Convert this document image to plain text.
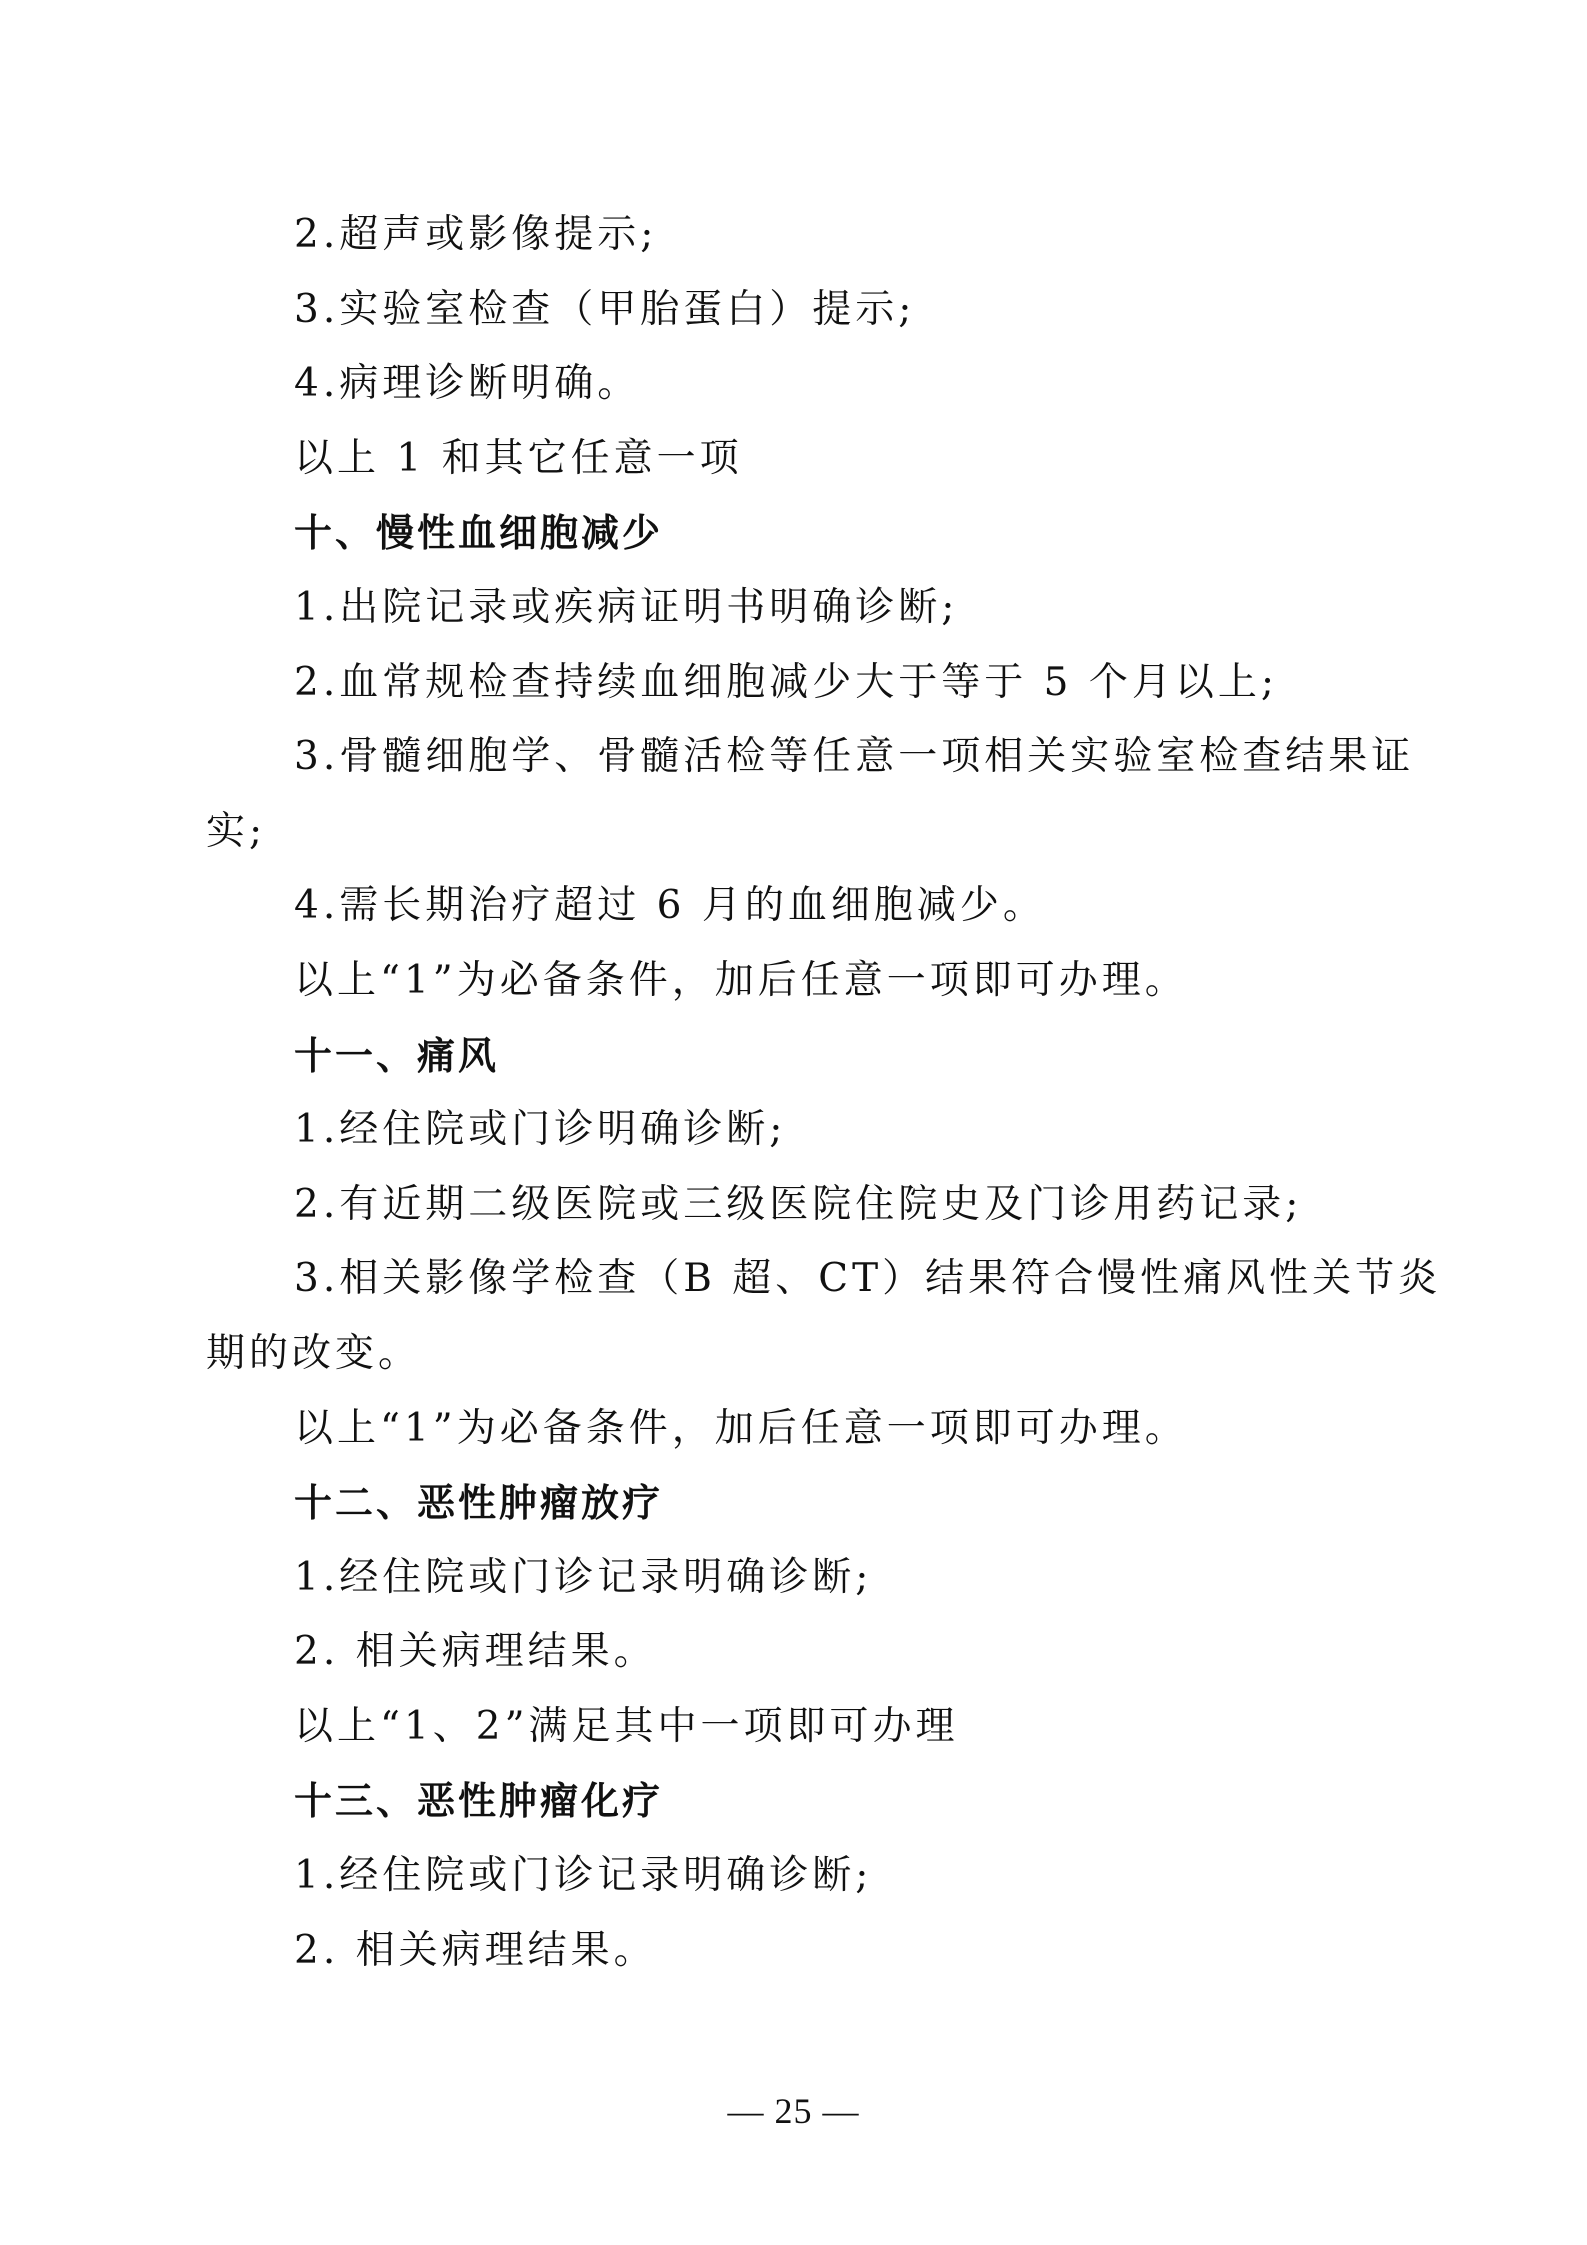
2.超声或影像提示;
3.实验室检查（甲胎蛋白）提示;
4.病理诊断明确。
以上 1 和其它任意一项
十、慢性血细胞减少
1.出院记录或疾病证明书明确诊断;
2.血常规检查持续血细胞减少大于等于 5 个月以上;
3.骨髓细胞学、骨髓活检等任意一项相关实验室检查结果证
实;
4.需长期治疗超过 6 月的血细胞减少。
以上“1”为必备条件，加后任意一项即可办理。
十一、痛风
1.经住院或门诊明确诊断;
2.有近期二级医院或三级医院住院史及门诊用药记录;
3.相关影像学检查（B 超、CT）结果符合慢性痛风性关节炎
期的改变。
以上“1”为必备条件，加后任意一项即可办理。
十二、恶性肿瘤放疗
1.经住院或门诊记录明确诊断;
2. 相关病理结果。
以上“1、2”满足其中一项即可办理
十三、恶性肿瘤化疗
1.经住院或门诊记录明确诊断;
2. 相关病理结果。
— 25 —
